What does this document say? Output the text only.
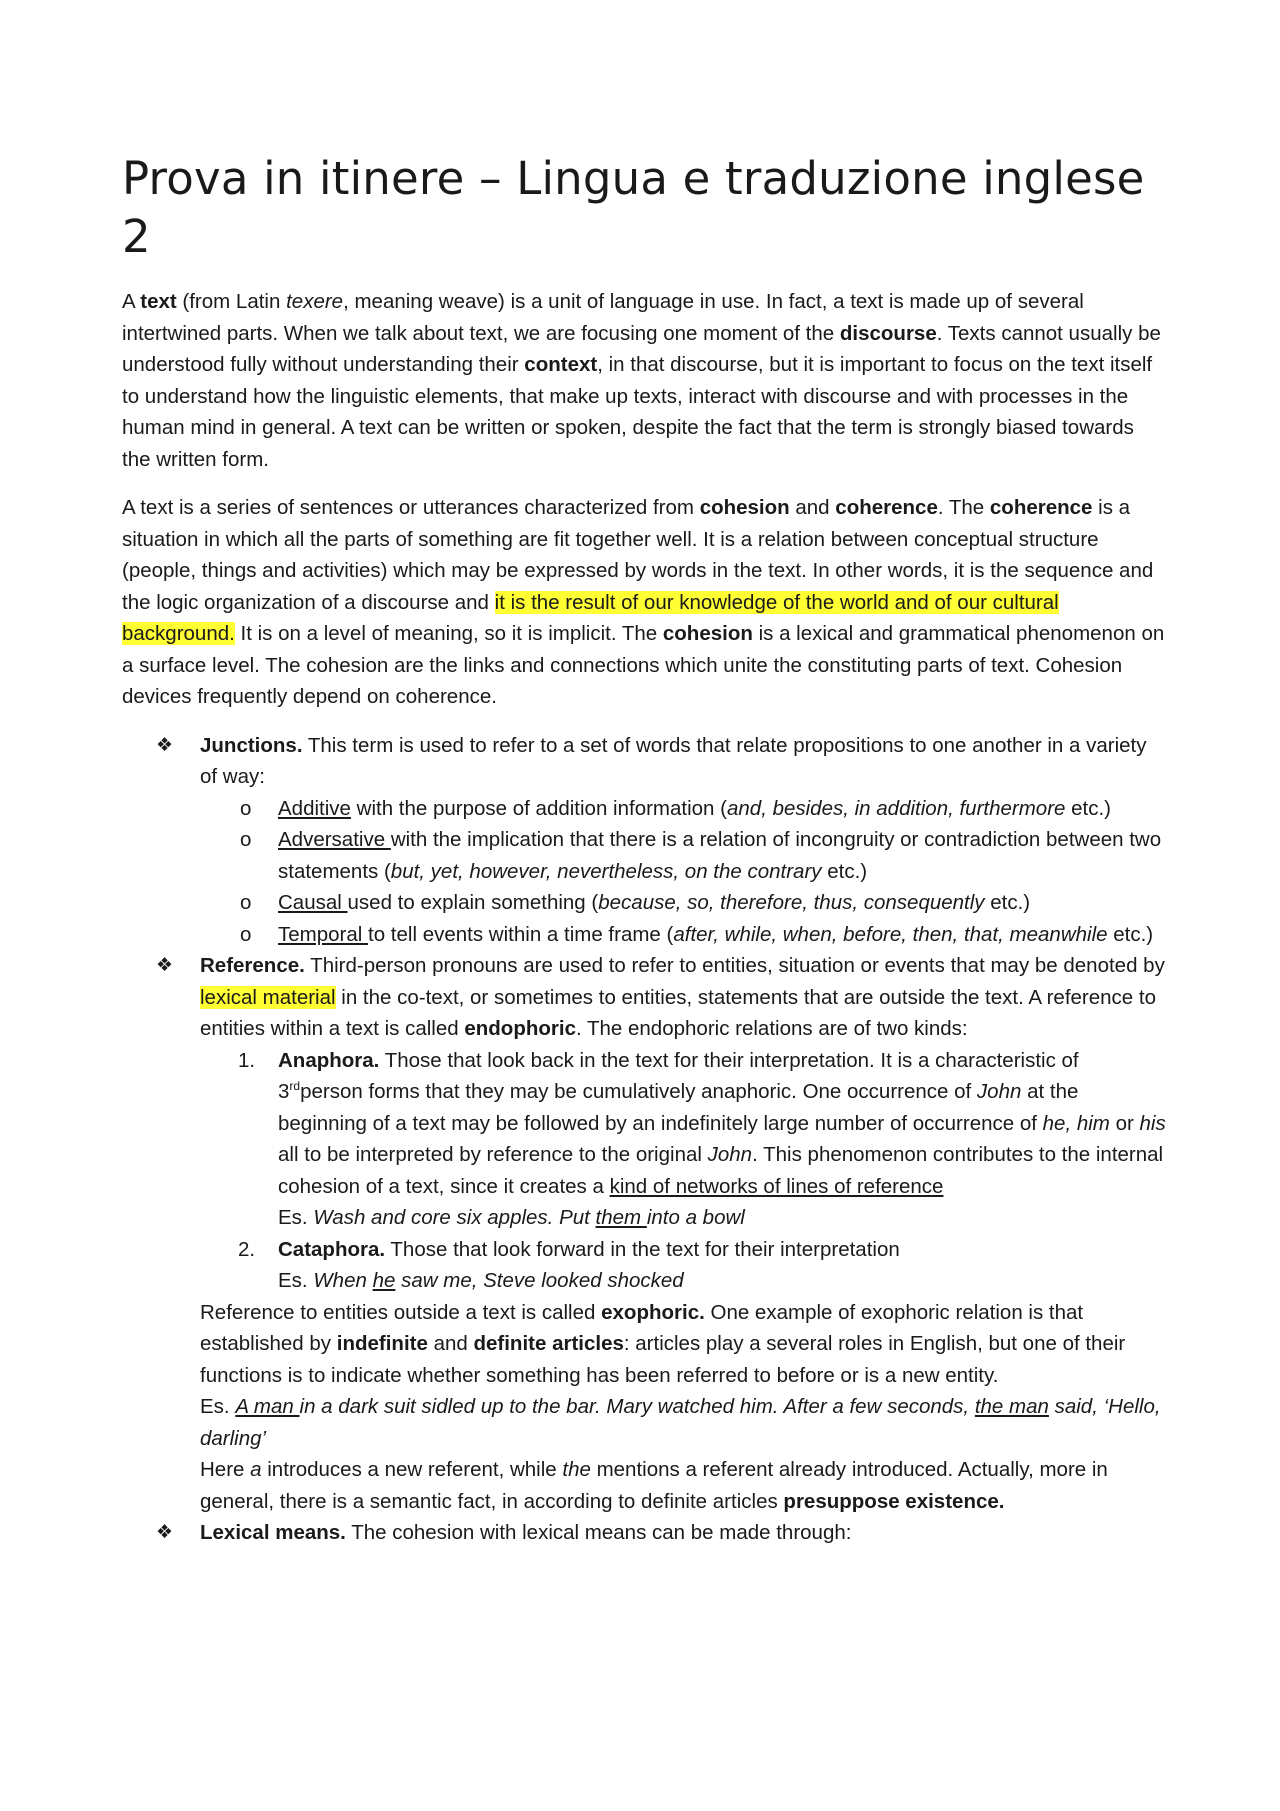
Prova in itinere – Lingua e traduzione inglese 2

A text (from Latin texere, meaning weave) is a unit of language in use. In fact, a text is made up of several intertwined parts. When we talk about text, we are focusing one moment of the discourse. Texts cannot usually be understood fully without understanding their context, in that discourse, but it is important to focus on the text itself to understand how the linguistic elements, that make up texts, interact with discourse and with processes in the human mind in general. A text can be written or spoken, despite the fact that the term is strongly biased towards the written form.

A text is a series of sentences or utterances characterized from cohesion and coherence. The coherence is a situation in which all the parts of something are fit together well. It is a relation between conceptual structure (people, things and activities) which may be expressed by words in the text. In other words, it is the sequence and the logic organization of a discourse and it is the result of our knowledge of the world and of our cultural background. It is on a level of meaning, so it is implicit. The cohesion is a lexical and grammatical phenomenon on a surface level. The cohesion are the links and connections which unite the constituting parts of text. Cohesion devices frequently depend on coherence.

❖ Junctions. This term is used to refer to a set of words that relate propositions to one another in a variety of way:
o Additive with the purpose of addition information (and, besides, in addition, furthermore etc.)
o Adversative with the implication that there is a relation of incongruity or contradiction between two statements (but, yet, however, nevertheless, on the contrary etc.)
o Causal used to explain something (because, so, therefore, thus, consequently etc.)
o Temporal to tell events within a time frame (after, while, when, before, then, that, meanwhile etc.)
❖ Reference. Third-person pronouns are used to refer to entities, situation or events that may be denoted by lexical material in the co-text, or sometimes to entities, statements that are outside the text. A reference to entities within a text is called endophoric. The endophoric relations are of two kinds:
1. Anaphora. Those that look back in the text for their interpretation. It is a characteristic of 3rdperson forms that they may be cumulatively anaphoric. One occurrence of John at the beginning of a text may be followed by an indefinitely large number of occurrence of he, him or his all to be interpreted by reference to the original John. This phenomenon contributes to the internal cohesion of a text, since it creates a kind of networks of lines of reference
Es. Wash and core six apples. Put them into a bowl
2. Cataphora. Those that look forward in the text for their interpretation
Es. When he saw me, Steve looked shocked
Reference to entities outside a text is called exophoric. One example of exophoric relation is that established by indefinite and definite articles: articles play a several roles in English, but one of their functions is to indicate whether something has been referred to before or is a new entity.
Es. A man in a dark suit sidled up to the bar. Mary watched him. After a few seconds, the man said, ‘Hello, darling’
Here a introduces a new referent, while the mentions a referent already introduced. Actually, more in general, there is a semantic fact, in according to definite articles presuppose existence.
❖ Lexical means. The cohesion with lexical means can be made through:
